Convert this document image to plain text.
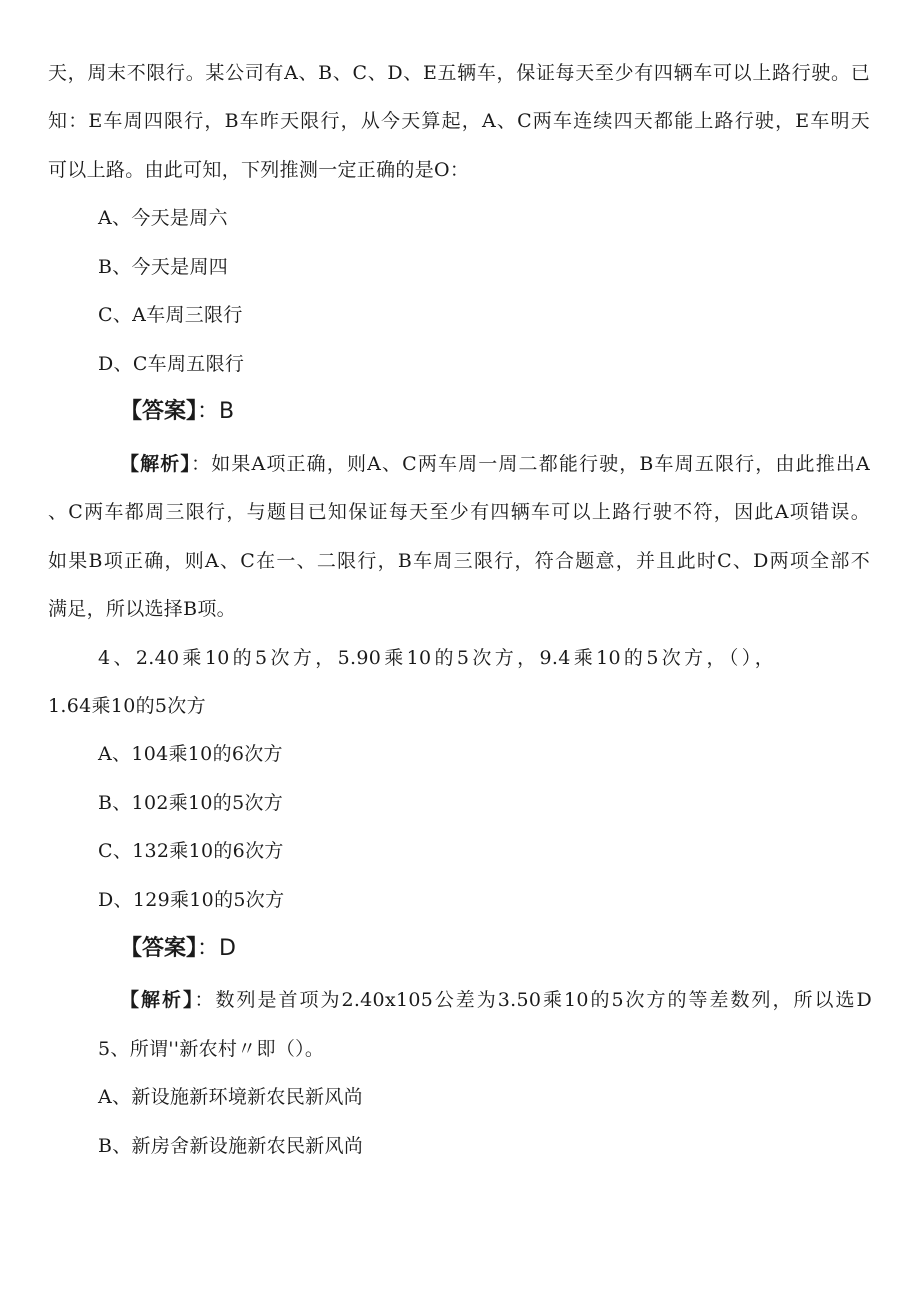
天，周末不限行。某公司有A、B、C、D、E五辆车，保证每天至少有四辆车可以上路行驶。已
知：E车周四限行，B车昨天限行，从今天算起，A、C两车连续四天都能上路行驶，E车明天
可以上路。由此可知，下列推测一定正确的是O：
A、今天是周六
B、今天是周四
C、A车周三限行
D、C车周五限行
【答案】：B
【解析】：如果A项正确，则A、C两车周一周二都能行驶，B车周五限行，由此推出A
、C两车都周三限行，与题目已知保证每天至少有四辆车可以上路行驶不符，因此A项错误。
如果B项正确，则A、C在一、二限行，B车周三限行，符合题意，并且此时C、D两项全部不
满足，所以选择B项。
4、2.40乘10的5次方，5.90乘10的5次方，9.4乘10的5次方，（），
1.64乘10的5次方
A、104乘10的6次方
B、102乘10的5次方
C、132乘10的6次方
D、129乘10的5次方
【答案】：D
【解析】：数列是首项为2.40x105公差为3.50乘10的5次方的等差数列，所以选D
5、所谓''新农村〃即（）。
A、新设施新环境新农民新风尚
B、新房舍新设施新农民新风尚
